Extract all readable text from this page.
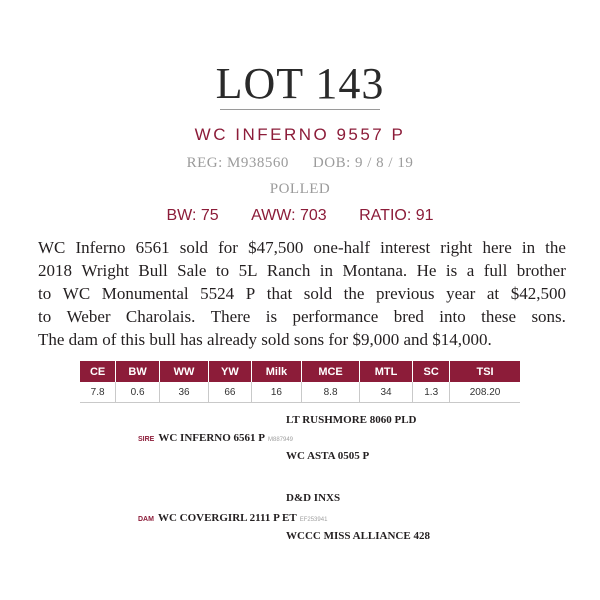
LOT 143
WC INFERNO 9557 P
REG: M938560 DOB: 9 / 8 / 19
POLLED
BW: 75 AWW: 703 RATIO: 91
WC Inferno 6561 sold for $47,500 one-half interest right here in the
2018 Wright Bull Sale to 5L Ranch in Montana. He is a full brother
to WC Monumental 5524 P that sold the previous year at $42,500
to Weber Charolais. There is performance bred into these sons.
The dam of this bull has already sold sons for $9,000 and $14,000.
CE	BW	WW	YW	Milk	MCE	MTL	SC	TSI
7.8	0.6	36	66	16	8.8	34	1.3	208.20
LT RUSHMORE 8060 PLD
SIRE WC INFERNO 6561 P M887949
WC ASTA 0505 P
D&D INXS
DAM WC COVERGIRL 2111 P ET EF253941
WCCC MISS ALLIANCE 428
